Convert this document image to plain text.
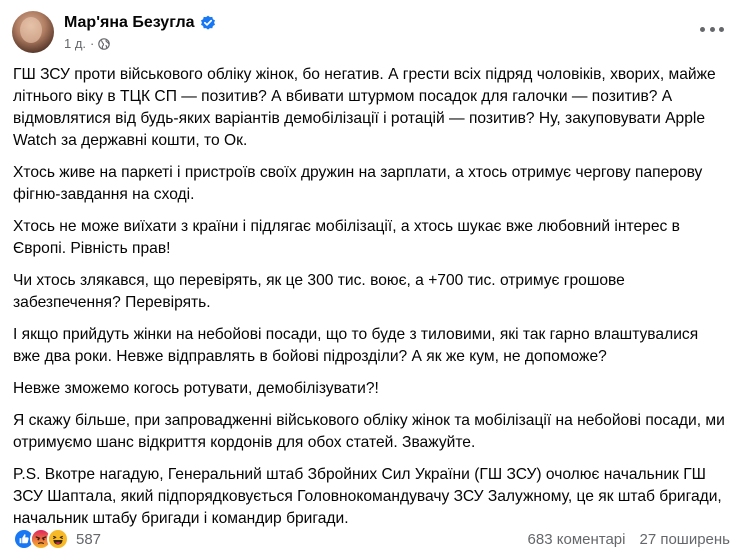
Мар'яна Безугла
1 д. ·

ГШ ЗСУ проти військового обліку жінок, бо негатив. А грести всіх підряд чоловіків, хворих, майже літнього віку в ТЦК СП — позитив? А вбивати штурмом посадок для галочки — позитив? А відмовлятися від будь-яких варіантів демобілізації і ротацій — позитив? Ну, закуповувати Apple Watch за державні кошти, то Ок.

Хтось живе на паркеті і пристроїв своїх дружин на зарплати, а хтось отримує чергову паперову фігню-завдання на сході.

Хтось не може виїхати з країни і підлягає мобілізації, а хтось шукає вже любовний інтерес в Європі. Рівність прав!

Чи хтось злякався, що перевірять, як це 300 тис. воює, а +700 тис. отримує грошове забезпечення? Перевірять.

І якщо прийдуть жінки на небойові посади, що то буде з тиловими, які так гарно влаштувалися вже два роки. Невже відправлять в бойові підрозділи? А як же кум, не допоможе?

Невже зможемо когось ротувати, демобілізувати?!

Я скажу більше, при запровадженні військового обліку жінок та мобілізації на небойові посади, ми отримуємо шанс відкриття кордонів для обох статей. Зважуйте.

P.S. Вкотре нагадую, Генеральний штаб Збройних Сил України (ГШ ЗСУ) очолює начальник ГШ ЗСУ Шаптала, який підпорядковується Головнокомандувачу ЗСУ Залужному, це як штаб бригади, начальник штабу бригади і командир бригади.

587	683 коментарі 27 поширень
